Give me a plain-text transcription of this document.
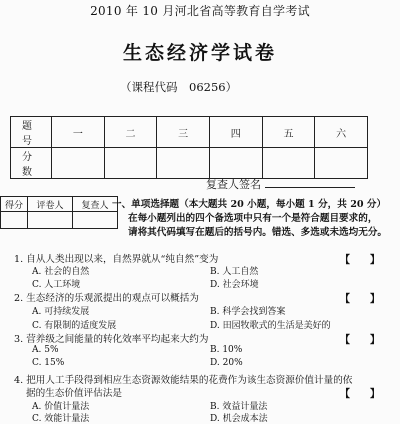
2010 年 10 月河北省高等教育自学考试
生态经济学试卷
（课程代码　06256）
题 号	一	二	三	四	五	六
分 数						
复查人签名
得分	评卷人	复查人
		一、单项选择题（本大题共 20 小题，每小题 1 分，共 20 分）
在每小题列出的四个备选项中只有一个是符合题目要求的，
请将其代码填写在题后的括号内。错选、多选或未选均无分。
1. 自从人类出现以来，自然界就从“纯自然”变为	【　　】
A. 社会的自然	B. 人工自然
C. 人工环境	D. 社会环境
2. 生态经济的乐观派提出的观点可以概括为	【　　】
A. 可持续发展	B. 科学会找到答案
C. 有限制的适度发展	D. 田园牧歌式的生活是美好的
3. 营养级之间能量的转化效率平均起来大约为	【　　】
A. 5%	B. 10%
C. 15%	D. 20%
4. 把用人工手段得到相应生态资源效能结果的花费作为该生态资源价值计量的依
据的生态价值评估法是	【　　】
A. 价值计量法	B. 效益计量法
C. 效能计量法	D. 机会成本法
